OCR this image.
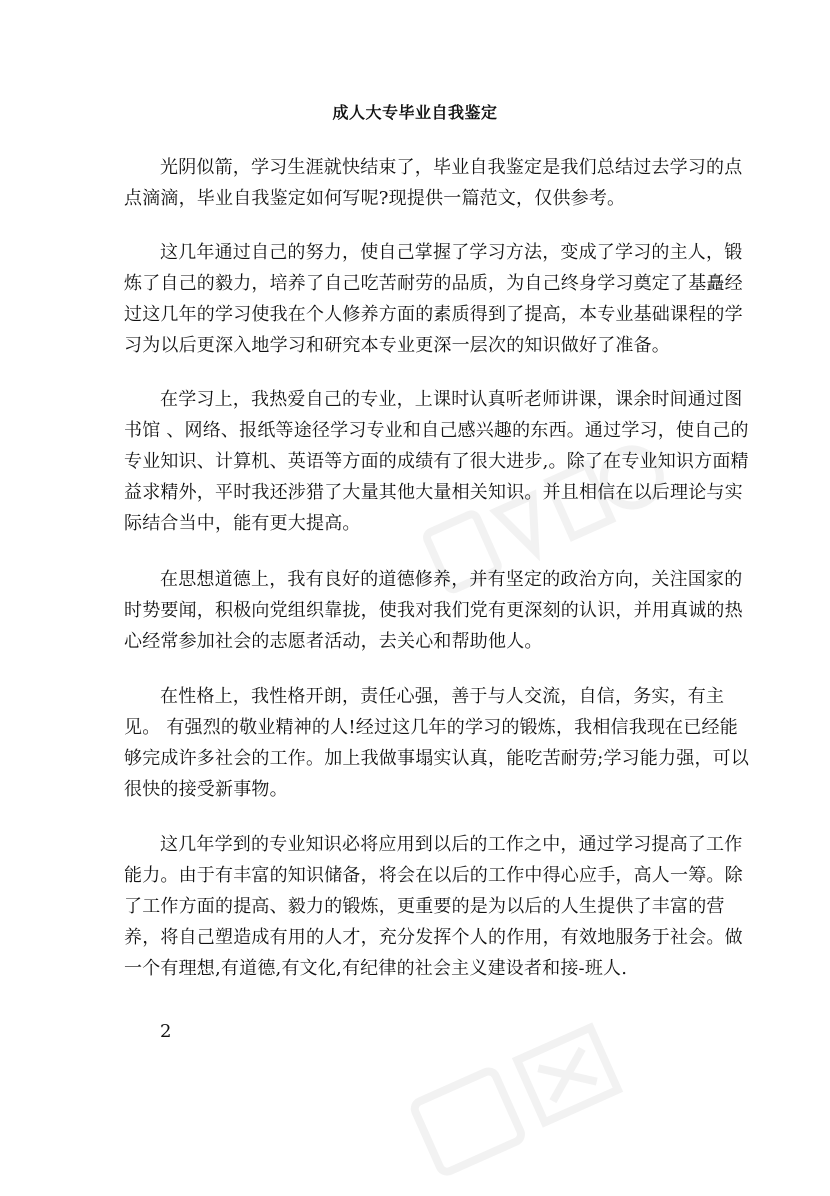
成人大专毕业自我鉴定
光阴似箭，学习生涯就快结束了，毕业自我鉴定是我们总结过去学习的点
点滴滴，毕业自我鉴定如何写呢?现提供一篇范文，仅供参考。
这几年通过自己的努力，使自己掌握了学习方法，变成了学习的主人，锻
炼了自己的毅力，培养了自己吃苦耐劳的品质，为自己终身学习奠定了基矗经
过这几年的学习使我在个人修养方面的素质得到了提高，本专业基础课程的学
习为以后更深入地学习和研究本专业更深一层次的知识做好了准备。
在学习上，我热爱自己的专业，上课时认真听老师讲课，课余时间通过图
书馆 、网络、报纸等途径学习专业和自己感兴趣的东西。通过学习，使自己的
专业知识、计算机、英语等方面的成绩有了很大进步,。除了在专业知识方面精
益求精外，平时我还涉猎了大量其他大量相关知识。并且相信在以后理论与实
际结合当中，能有更大提高。
在思想道德上，我有良好的道德修养，并有坚定的政治方向，关注国家的
时势要闻，积极向党组织靠拢，使我对我们党有更深刻的认识，并用真诚的热
心经常参加社会的志愿者活动，去关心和帮助他人。
在性格上，我性格开朗，责任心强，善于与人交流，自信，务实，有主
见。 有强烈的敬业精神的人!经过这几年的学习的锻炼，我相信我现在已经能
够完成许多社会的工作。加上我做事塌实认真，能吃苦耐劳;学习能力强，可以
很快的接受新事物。
这几年学到的专业知识必将应用到以后的工作之中，通过学习提高了工作
能力。由于有丰富的知识储备，将会在以后的工作中得心应手，高人一筹。除
了工作方面的提高、毅力的锻炼，更重要的是为以后的人生提供了丰富的营
养，将自己塑造成有用的人才，充分发挥个人的作用，有效地服务于社会。做
一个有理想,有道德,有文化,有纪律的社会主义建设者和接-班人.
2
